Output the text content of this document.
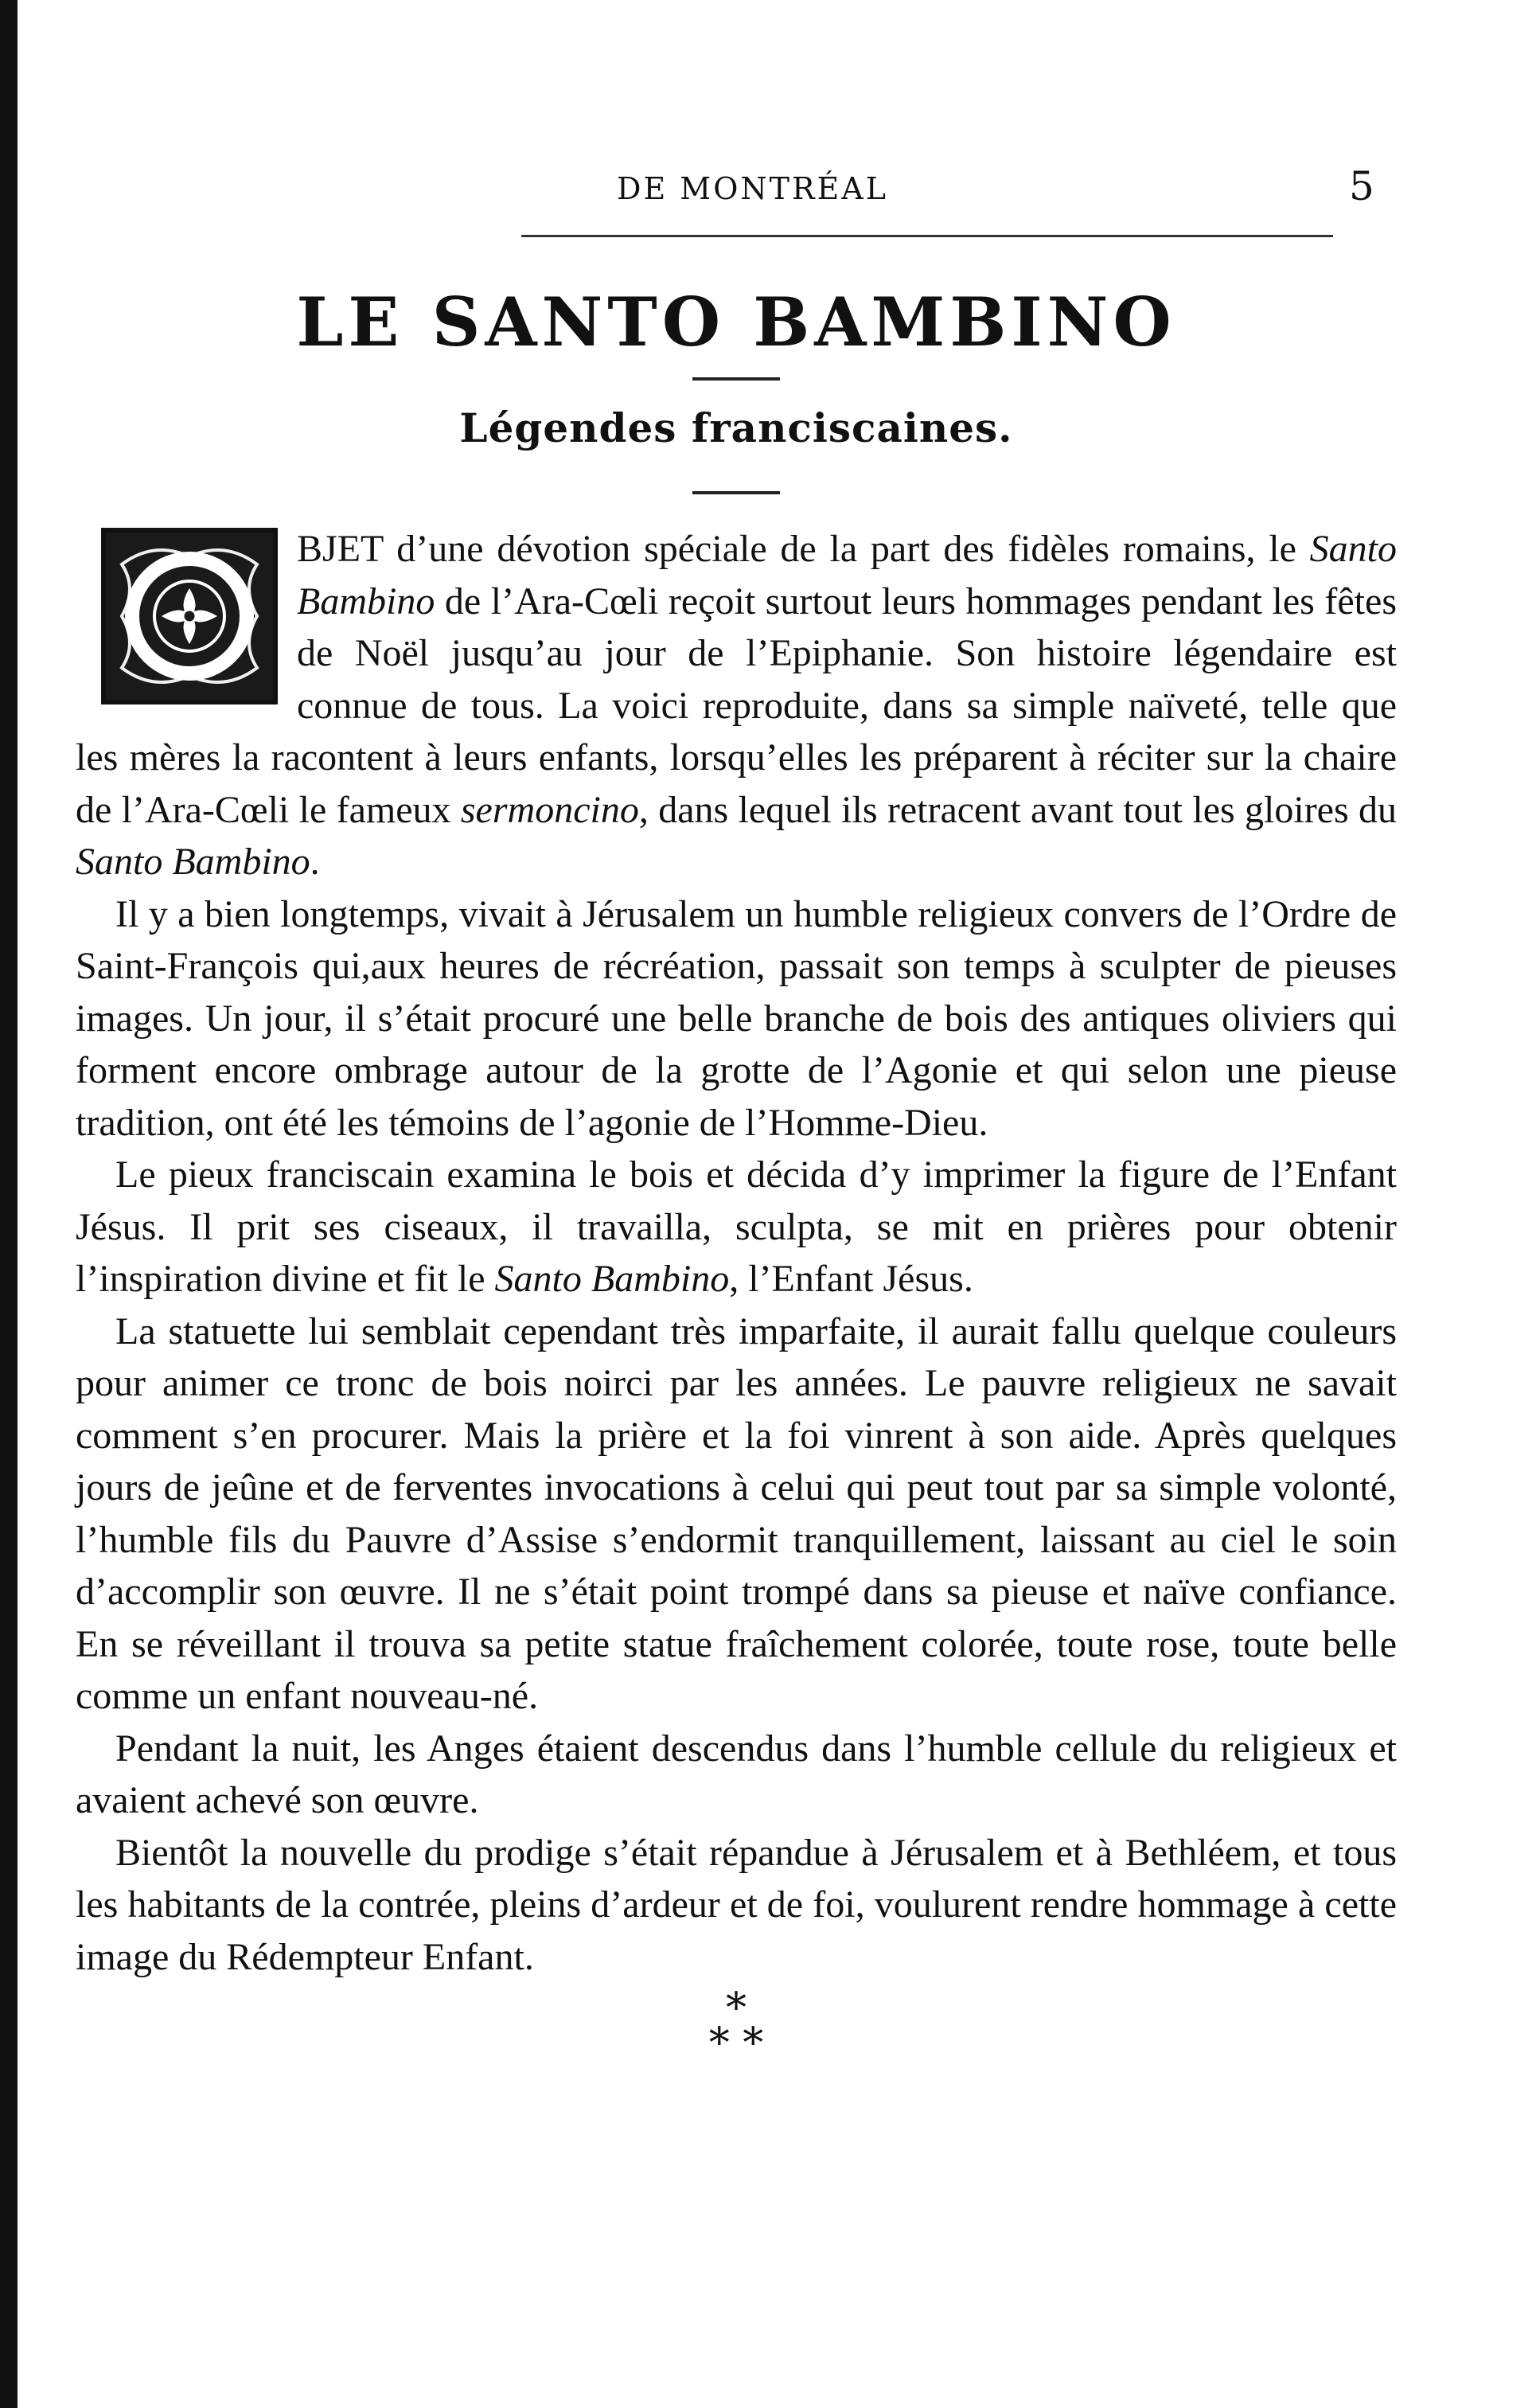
DE MONTRÉAL	5
LE SANTO BAMBINO
Légendes franciscaines.

O
BJET d’une dévotion spéciale de la part des fidèles romains, le Santo Bambino de l’Ara-Cœli reçoit surtout leurs hommages pendant les fêtes de Noël jusqu’au jour de l’Epiphanie. Son histoire légendaire est connue de tous. La voici reproduite, dans sa simple naïveté, telle que les mères la racontent à leurs enfants, lorsqu’elles les préparent à réciter sur la chaire de l’Ara-Cœli le fameux sermoncino, dans lequel ils retracent avant tout les gloires du Santo Bambino.

Il y a bien longtemps, vivait à Jérusalem un humble religieux convers de l’Ordre de Saint-François qui,aux heures de récréation, passait son temps à sculpter de pieuses images. Un jour, il s’était procuré une belle branche de bois des antiques oliviers qui forment encore ombrage autour de la grotte de l’Agonie et qui selon une pieuse tradition, ont été les témoins de l’agonie de l’Homme-Dieu.

Le pieux franciscain examina le bois et décida d’y imprimer la figure de l’Enfant Jésus. Il prit ses ciseaux, il travailla, sculpta, se mit en prières pour obtenir l’inspiration divine et fit le Santo Bambino, l’Enfant Jésus.

La statuette lui semblait cependant très imparfaite, il aurait fallu quelque couleurs pour animer ce tronc de bois noirci par les années. Le pauvre religieux ne savait comment s’en procurer. Mais la prière et la foi vinrent à son aide. Après quelques jours de jeûne et de ferventes invocations à celui qui peut tout par sa simple volonté, l’humble fils du Pauvre d’Assise s’endormit tranquillement, laissant au ciel le soin d’accomplir son œuvre. Il ne s’était point trompé dans sa pieuse et naïve confiance. En se réveillant il trouva sa petite statue fraîchement colorée, toute rose, toute belle comme un enfant nouveau-né.

Pendant la nuit, les Anges étaient descendus dans l’humble cellule du religieux et avaient achevé son œuvre.

Bientôt la nouvelle du prodige s’était répandue à Jérusalem et à Bethléem, et tous les habitants de la contrée, pleins d’ardeur et de foi, voulurent rendre hommage à cette image du Rédempteur Enfant.

*
* *
